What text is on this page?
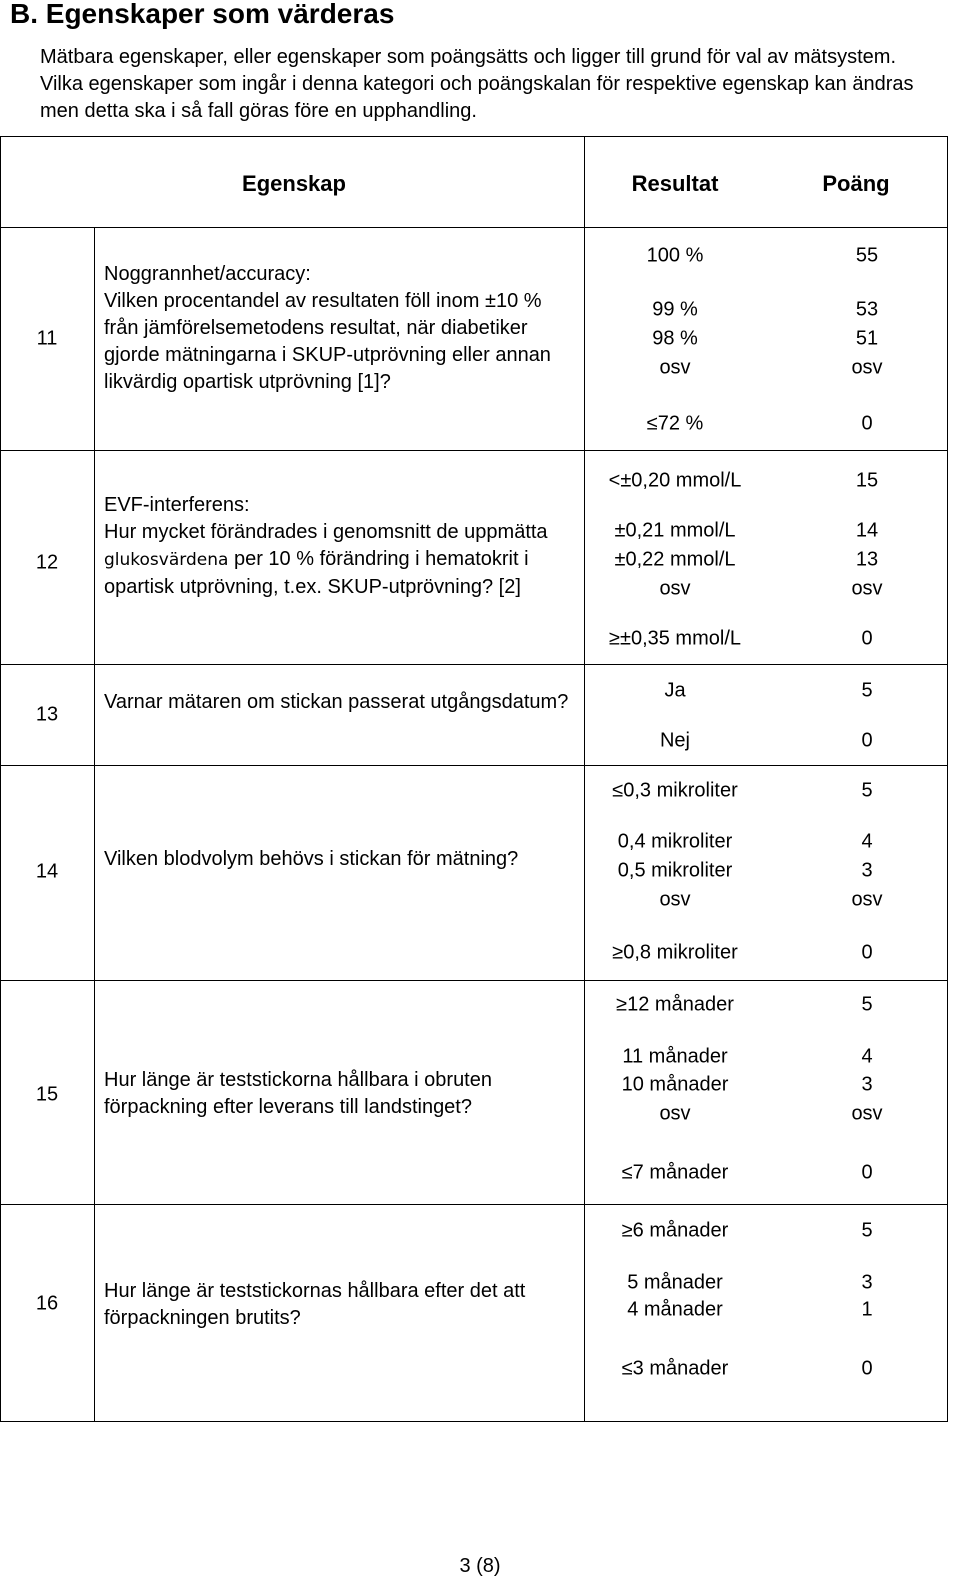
B. Egenskaper som värderas

Mätbara egenskaper, eller egenskaper som poängsätts och ligger till grund för val av mätsystem. Vilka egenskaper som ingår i denna kategori och poängskalan för respektive egenskap kan ändras men detta ska i så fall göras före en upphandling.

Egenskap	Resultat	Poäng
11
Noggrannhet/accuracy:
Vilken procentandel av resultaten föll inom ±10 % från jämförelsemetodens resultat, när diabetiker gjorde mätningarna i SKUP-utprövning eller annan likvärdig opartisk utprövning [1]?
100 %	55
99 %	53
98 %	51
osv	osv
≤72 %	0
12
EVF-interferens:
Hur mycket förändrades i genomsnitt de uppmätta glukosvärdena per 10 % förändring i hematokrit i opartisk utprövning, t.ex. SKUP-utprövning? [2]
<±0,20 mmol/L	15
±0,21 mmol/L	14
±0,22 mmol/L	13
osv	osv
≥±0,35 mmol/L	0
13
Varnar mätaren om stickan passerat utgångsdatum?
Ja	5
Nej	0
14
Vilken blodvolym behövs i stickan för mätning?
≤0,3 mikroliter	5
0,4 mikroliter	4
0,5 mikroliter	3
osv	osv
≥0,8 mikroliter	0
15
Hur länge är teststickorna hållbara i obruten förpackning efter leverans till landstinget?
≥12 månader	5
11 månader	4
10 månader	3
osv	osv
≤7 månader	0
16
Hur länge är teststickornas hållbara efter det att förpackningen brutits?
≥6 månader	5
5 månader	3
4 månader	1
≤3 månader	0
3 (8)
